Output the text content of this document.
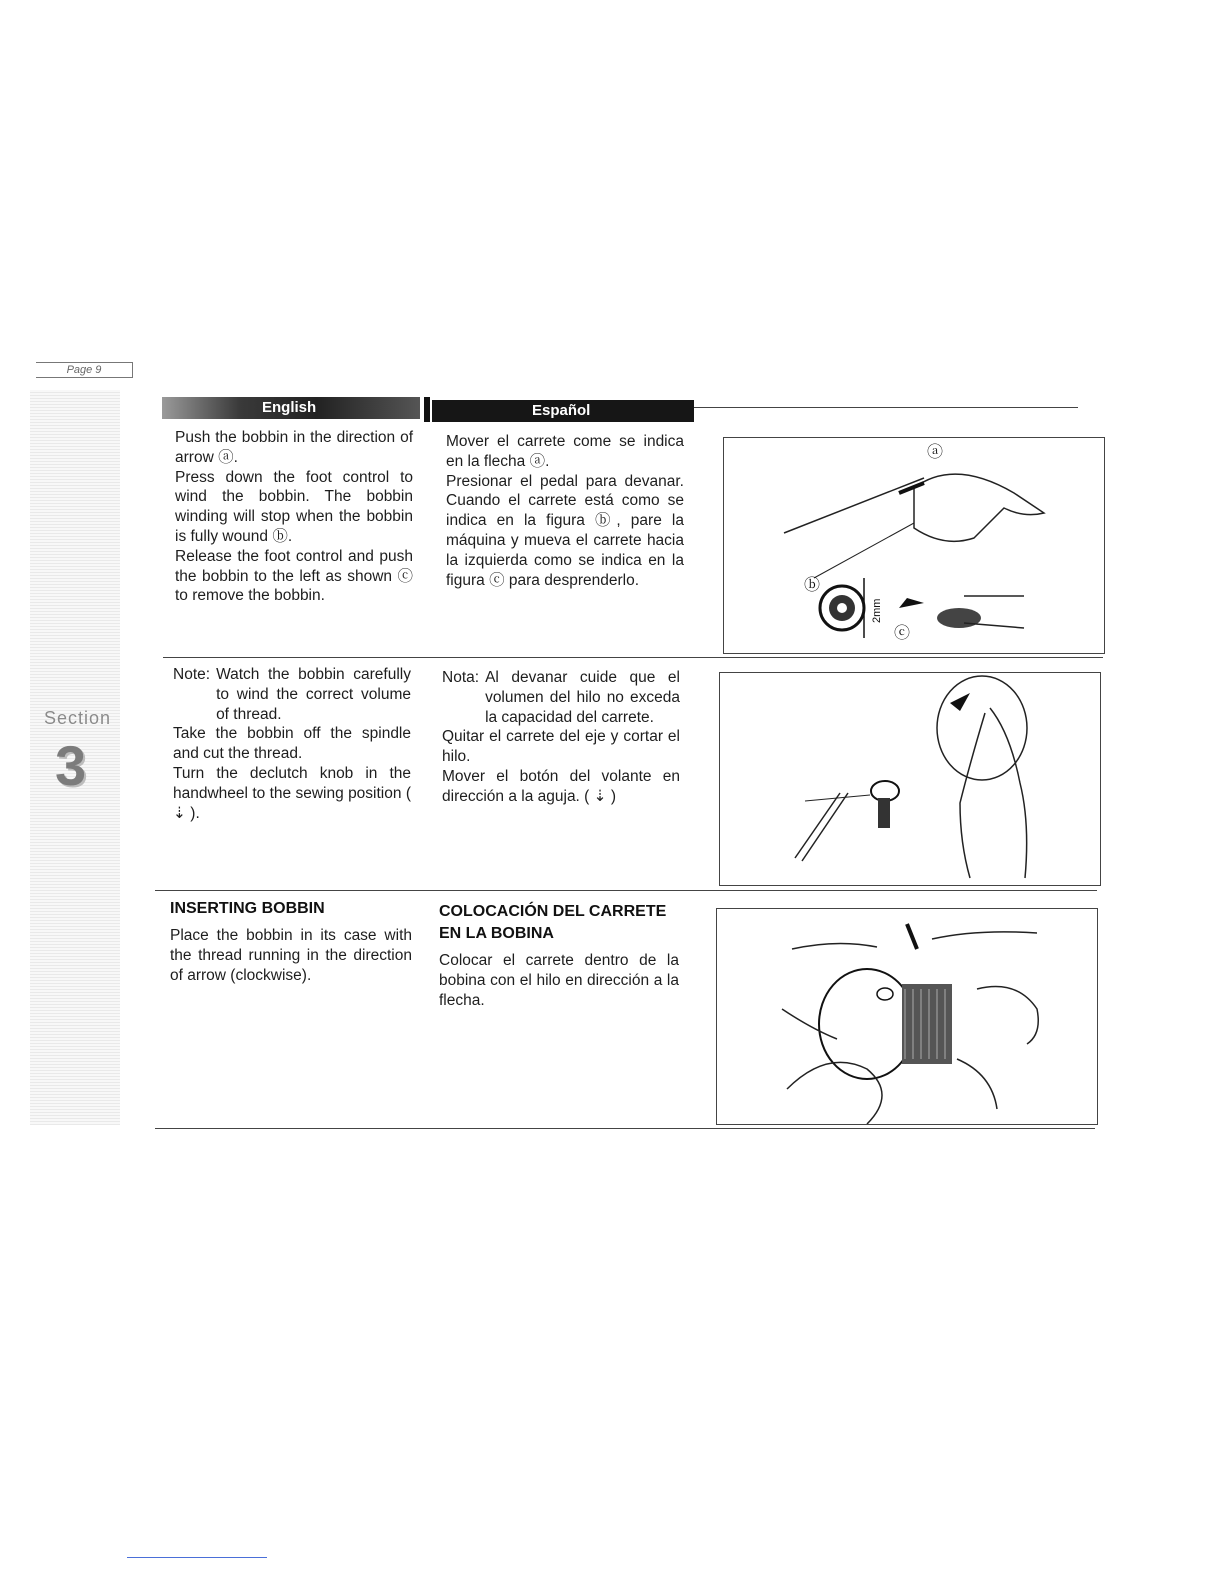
Page 9
Section
3
English	Español

Push the bobbin in the direction of arrow ⓐ.

Press down the foot control to wind the bobbin. The bobbin winding will stop when the bobbin is fully wound ⓑ.

Release the foot control and push the bobbin to the left as shown ⓒ to remove the bobbin.

Mover el carrete come se indica en la flecha ⓐ.

Presionar el pedal para devanar. Cuando el carrete está como se indica en la figura ⓑ, pare la máquina y mueva el carrete hacia la izquierda como se indica en la figura ⓒ para desprenderlo.

ⓐ
ⓑ
ⓒ
2mm
Note: Watch the bobbin carefully to wind the correct volume of thread.

Take the bobbin off the spindle and cut the thread.

Turn the declutch knob in the handwheel to the sewing position ( ⇣ ).

Nota: Al devanar cuide que el volumen del hilo no exceda la capacidad del carrete.

Quitar el carrete del eje y cortar el hilo.

Mover el botón del volante en dirección a la aguja. ( ⇣ )

INSERTING BOBBIN

Place the bobbin in its case with the thread running in the direction of arrow (clockwise).

COLOCACIÓN DEL CARRETE EN LA BOBINA

Colocar el carrete dentro de la bobina con el hilo en dirección a la flecha.
